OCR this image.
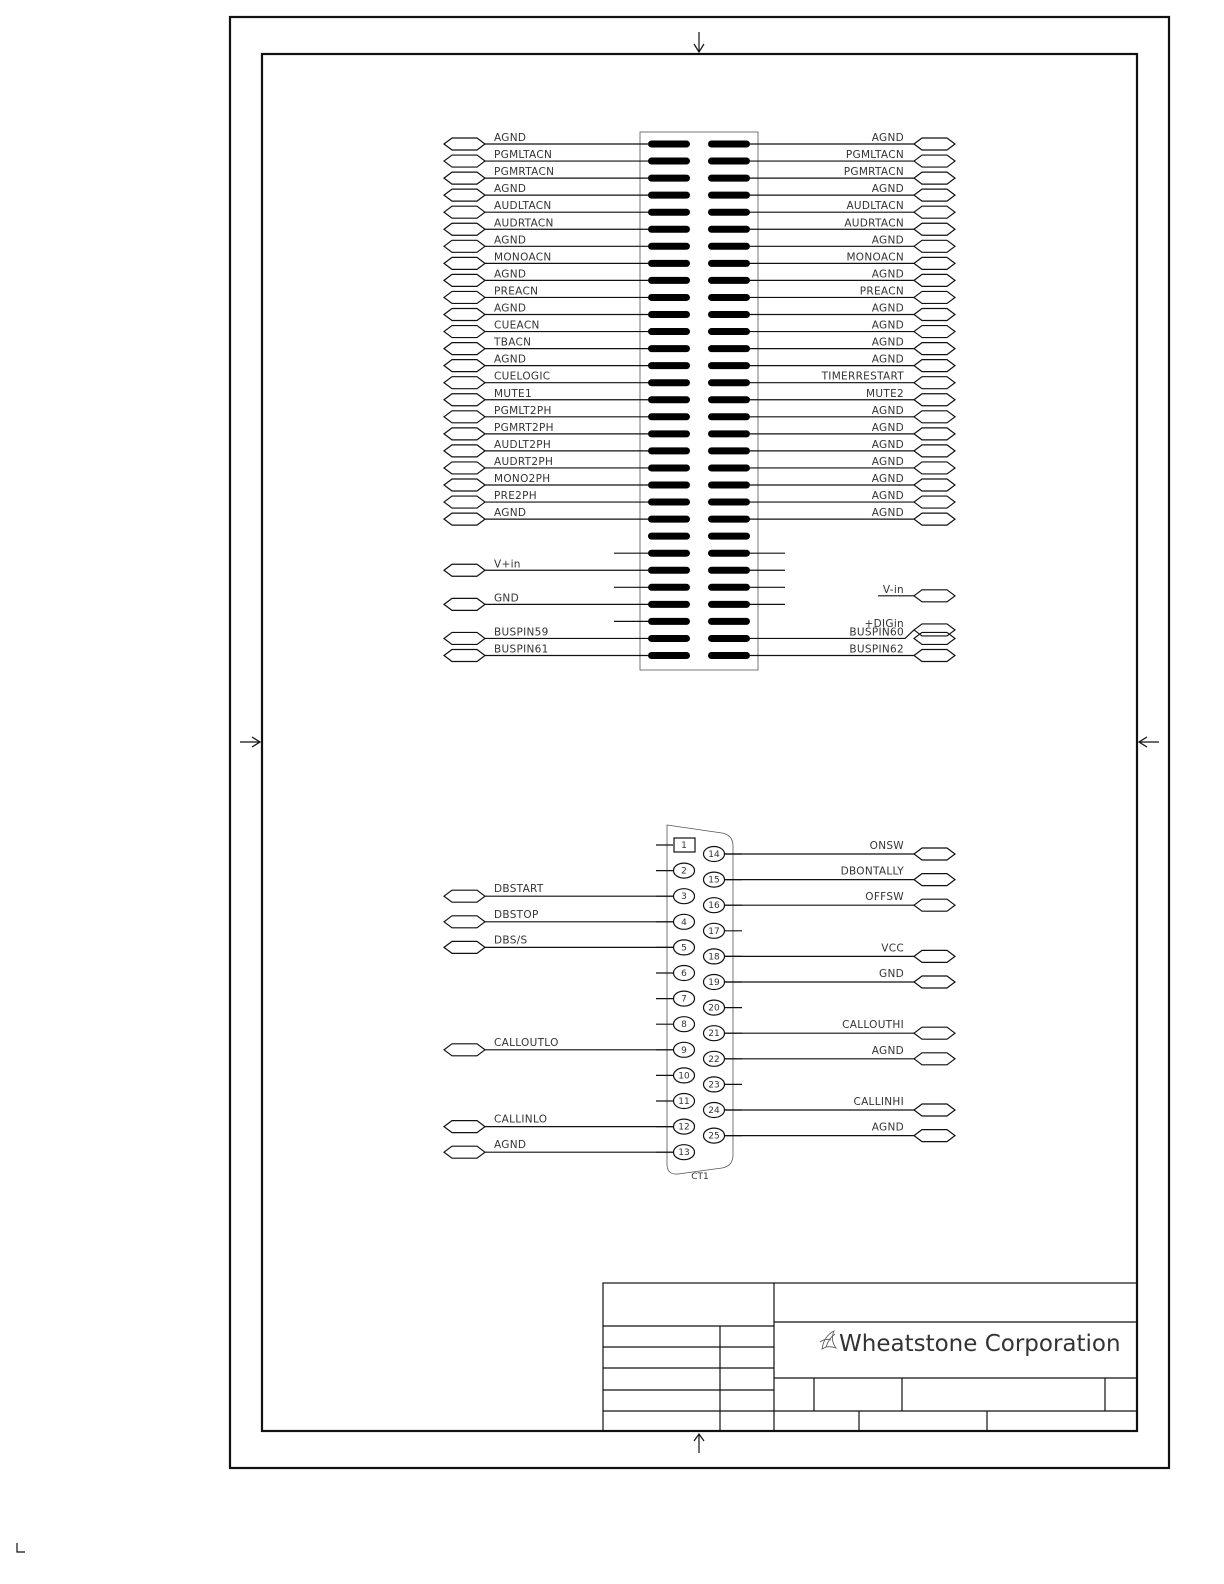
AGND
PGMLTACN
PGMRTACN
AGND
AUDLTACN
AUDRTACN
AGND
MONOACN
AGND
PREACN
AGND
CUEACN
TBACN
AGND
CUELOGIC
MUTE1
PGMLT2PH
PGMRT2PH
AUDLT2PH
AUDRT2PH
MONO2PH
PRE2PH
AGND
V+in
GND
BUSPIN59
BUSPIN61
AGND
PGMLTACN
PGMRTACN
AGND
AUDLTACN
AUDRTACN
AGND
MONOACN
AGND
PREACN
AGND
AGND
AGND
AGND
TIMERRESTART
MUTE2
AGND
AGND
AGND
AGND
AGND
AGND
AGND
V-in
+DIGin
BUSPIN60
BUSPIN62
1
2
3
4
5
6
7
8
9
10
11
12
13
14
15
16
17
18
19
20
21
22
23
24
25
DBSTART
DBSTOP
DBS/S
CALLOUTLO
CALLINLO
AGND
ONSW
DBONTALLY
OFFSW
VCC
GND
CALLOUTHI
AGND
CALLINHI
AGND
CT1
Wheatstone Corporation
